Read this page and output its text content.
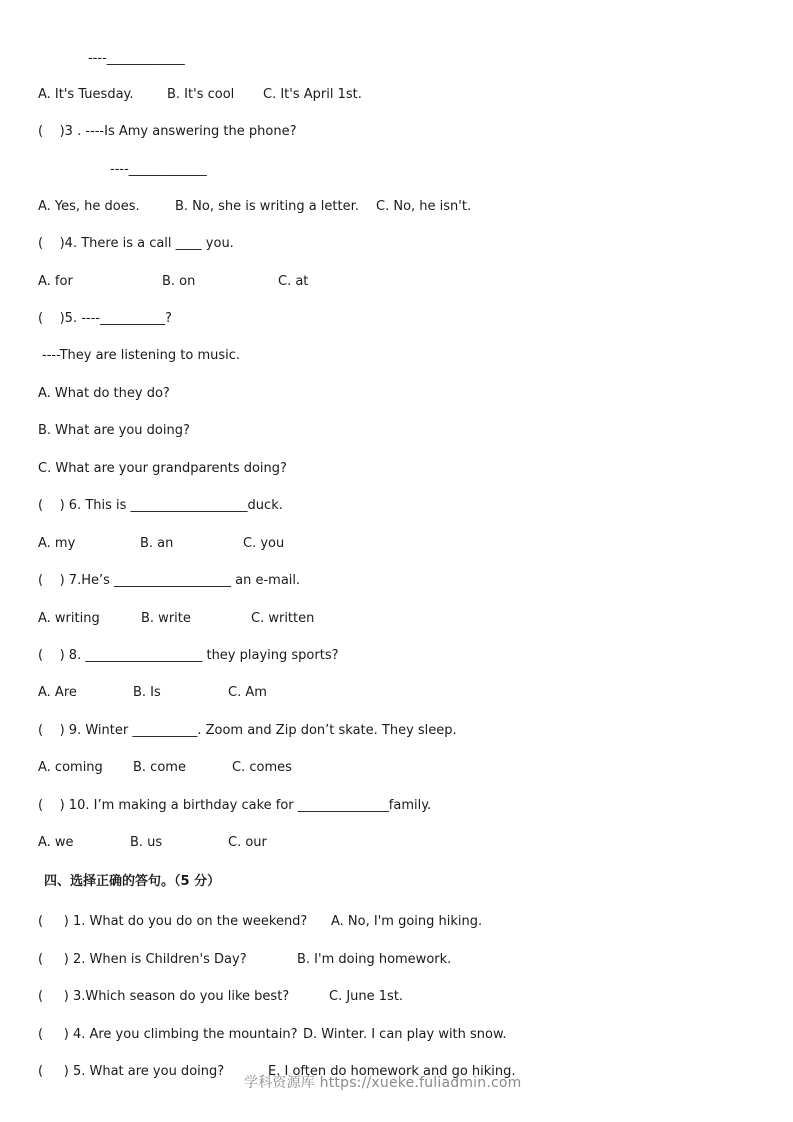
----____________
A. It's Tuesday.	B. It's cool C. It's April 1st.
(    )3 . ----Is Amy answering the phone?
----____________
A. Yes, he does.	B. No, she is writing a letter. C. No, he isn't.
(    )4. There is a call ____ you.
A. for	B. on	C. at
(    )5. ----__________?
----They are listening to music.
A. What do they do?
B. What are you doing?
C. What are your grandparents doing?
(    ) 6. This is __________________duck.
A. my	B. an	C. you
(    ) 7.He’s __________________ an e-mail.
A. writing	B. write	C. written
(    ) 8. __________________ they playing sports?
A. Are	B. Is	C. Am
(    ) 9. Winter __________. Zoom and Zip don’t skate. They sleep.
A. coming B. come	C. comes
(    ) 10. I’m making a birthday cake for ______________family.
A. we	B. us	C. our
四、选择正确的答句。（5 分）
(     ) 1. What do you do on the weekend? A. No, I'm going hiking.
(     ) 2. When is Children's Day?	B. I'm doing homework.
(     ) 3.Which season do you like best?	C. June 1st.
(     ) 4. Are you climbing the mountain? D. Winter. I can play with snow.
(     ) 5. What are you doing?	E. I often do homework and go hiking.
学科资源库 https://xueke.fuliadmin.com
